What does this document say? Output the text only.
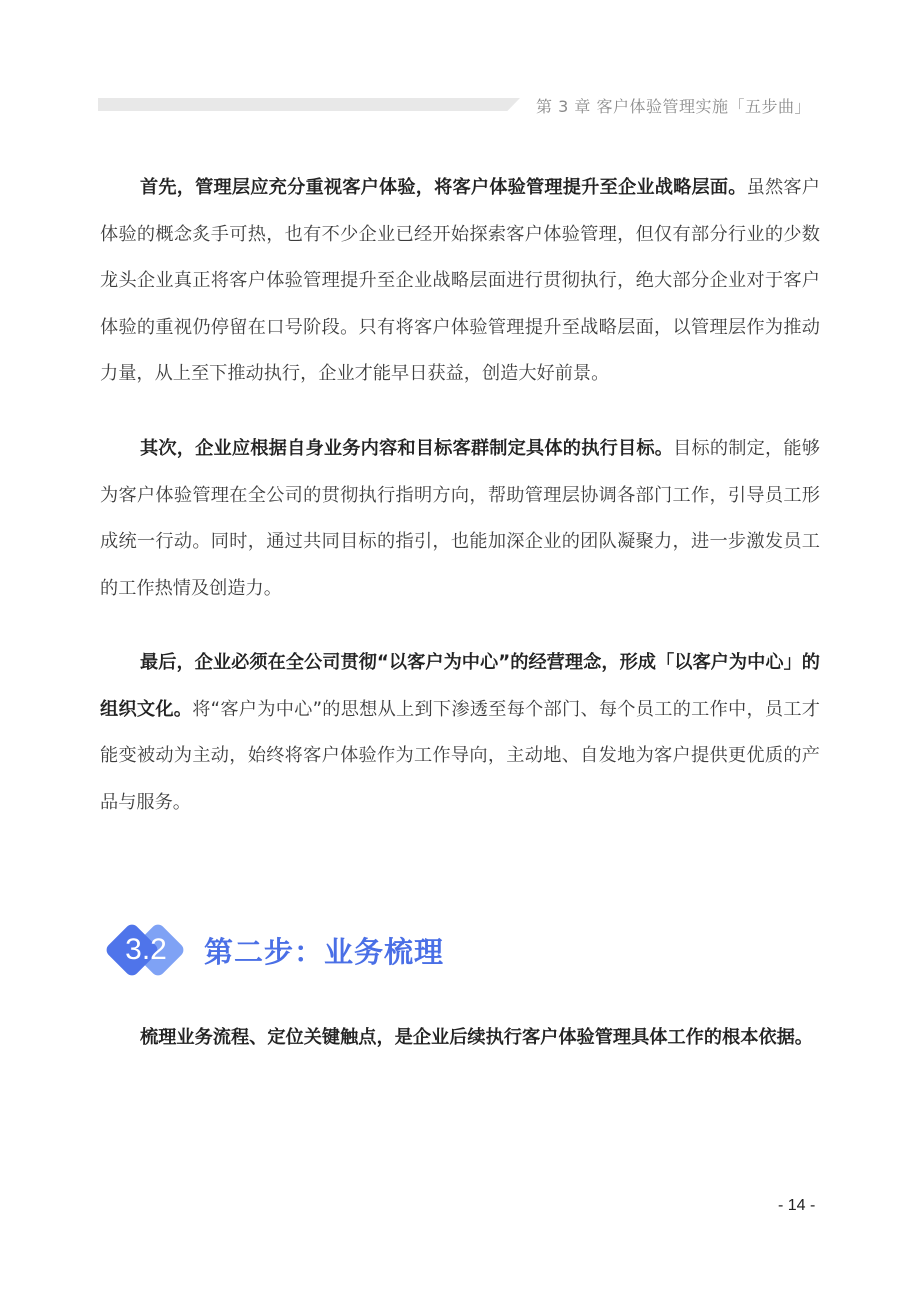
第 3 章 客户体验管理实施「五步曲」

首先，管理层应充分重视客户体验，将客户体验管理提升至企业战略层面。虽然客户体验的概念炙手可热，也有不少企业已经开始探索客户体验管理，但仅有部分行业的少数龙头企业真正将客户体验管理提升至企业战略层面进行贯彻执行，绝大部分企业对于客户体验的重视仍停留在口号阶段。只有将客户体验管理提升至战略层面，以管理层作为推动力量，从上至下推动执行，企业才能早日获益，创造大好前景。

其次，企业应根据自身业务内容和目标客群制定具体的执行目标。目标的制定，能够为客户体验管理在全公司的贯彻执行指明方向，帮助管理层协调各部门工作，引导员工形成统一行动。同时，通过共同目标的指引，也能加深企业的团队凝聚力，进一步激发员工的工作热情及创造力。

最后，企业必须在全公司贯彻“以客户为中心”的经营理念，形成「以客户为中心」的组织文化。将“客户为中心”的思想从上到下渗透至每个部门、每个员工的工作中，员工才能变被动为主动，始终将客户体验作为工作导向，主动地、自发地为客户提供更优质的产品与服务。

3.2	第二步：业务梳理

梳理业务流程、定位关键触点，是企业后续执行客户体验管理具体工作的根本依据。

- 14 -
